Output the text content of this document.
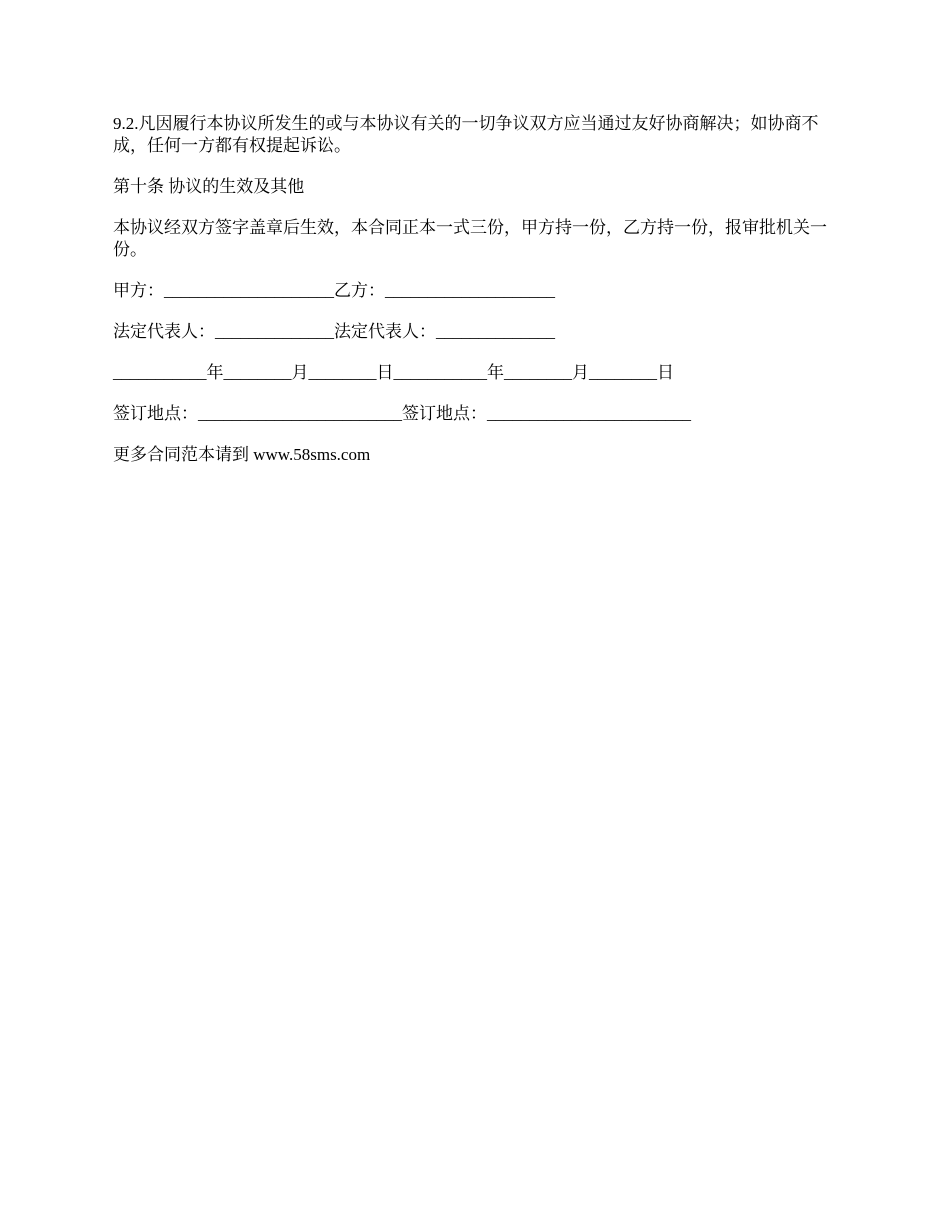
9.2.凡因履行本协议所发生的或与本协议有关的一切争议双方应当通过友好协商解决；如协商不成，任何一方都有权提起诉讼。

第十条 协议的生效及其他

本协议经双方签字盖章后生效，本合同正本一式三份，甲方持一份，乙方持一份，报审批机关一份。

甲方：____________________乙方：____________________

法定代表人：______________法定代表人：______________

___________年________月________日___________年________月________日

签订地点：________________________签订地点：________________________

更多合同范本请到 www.58sms.com
